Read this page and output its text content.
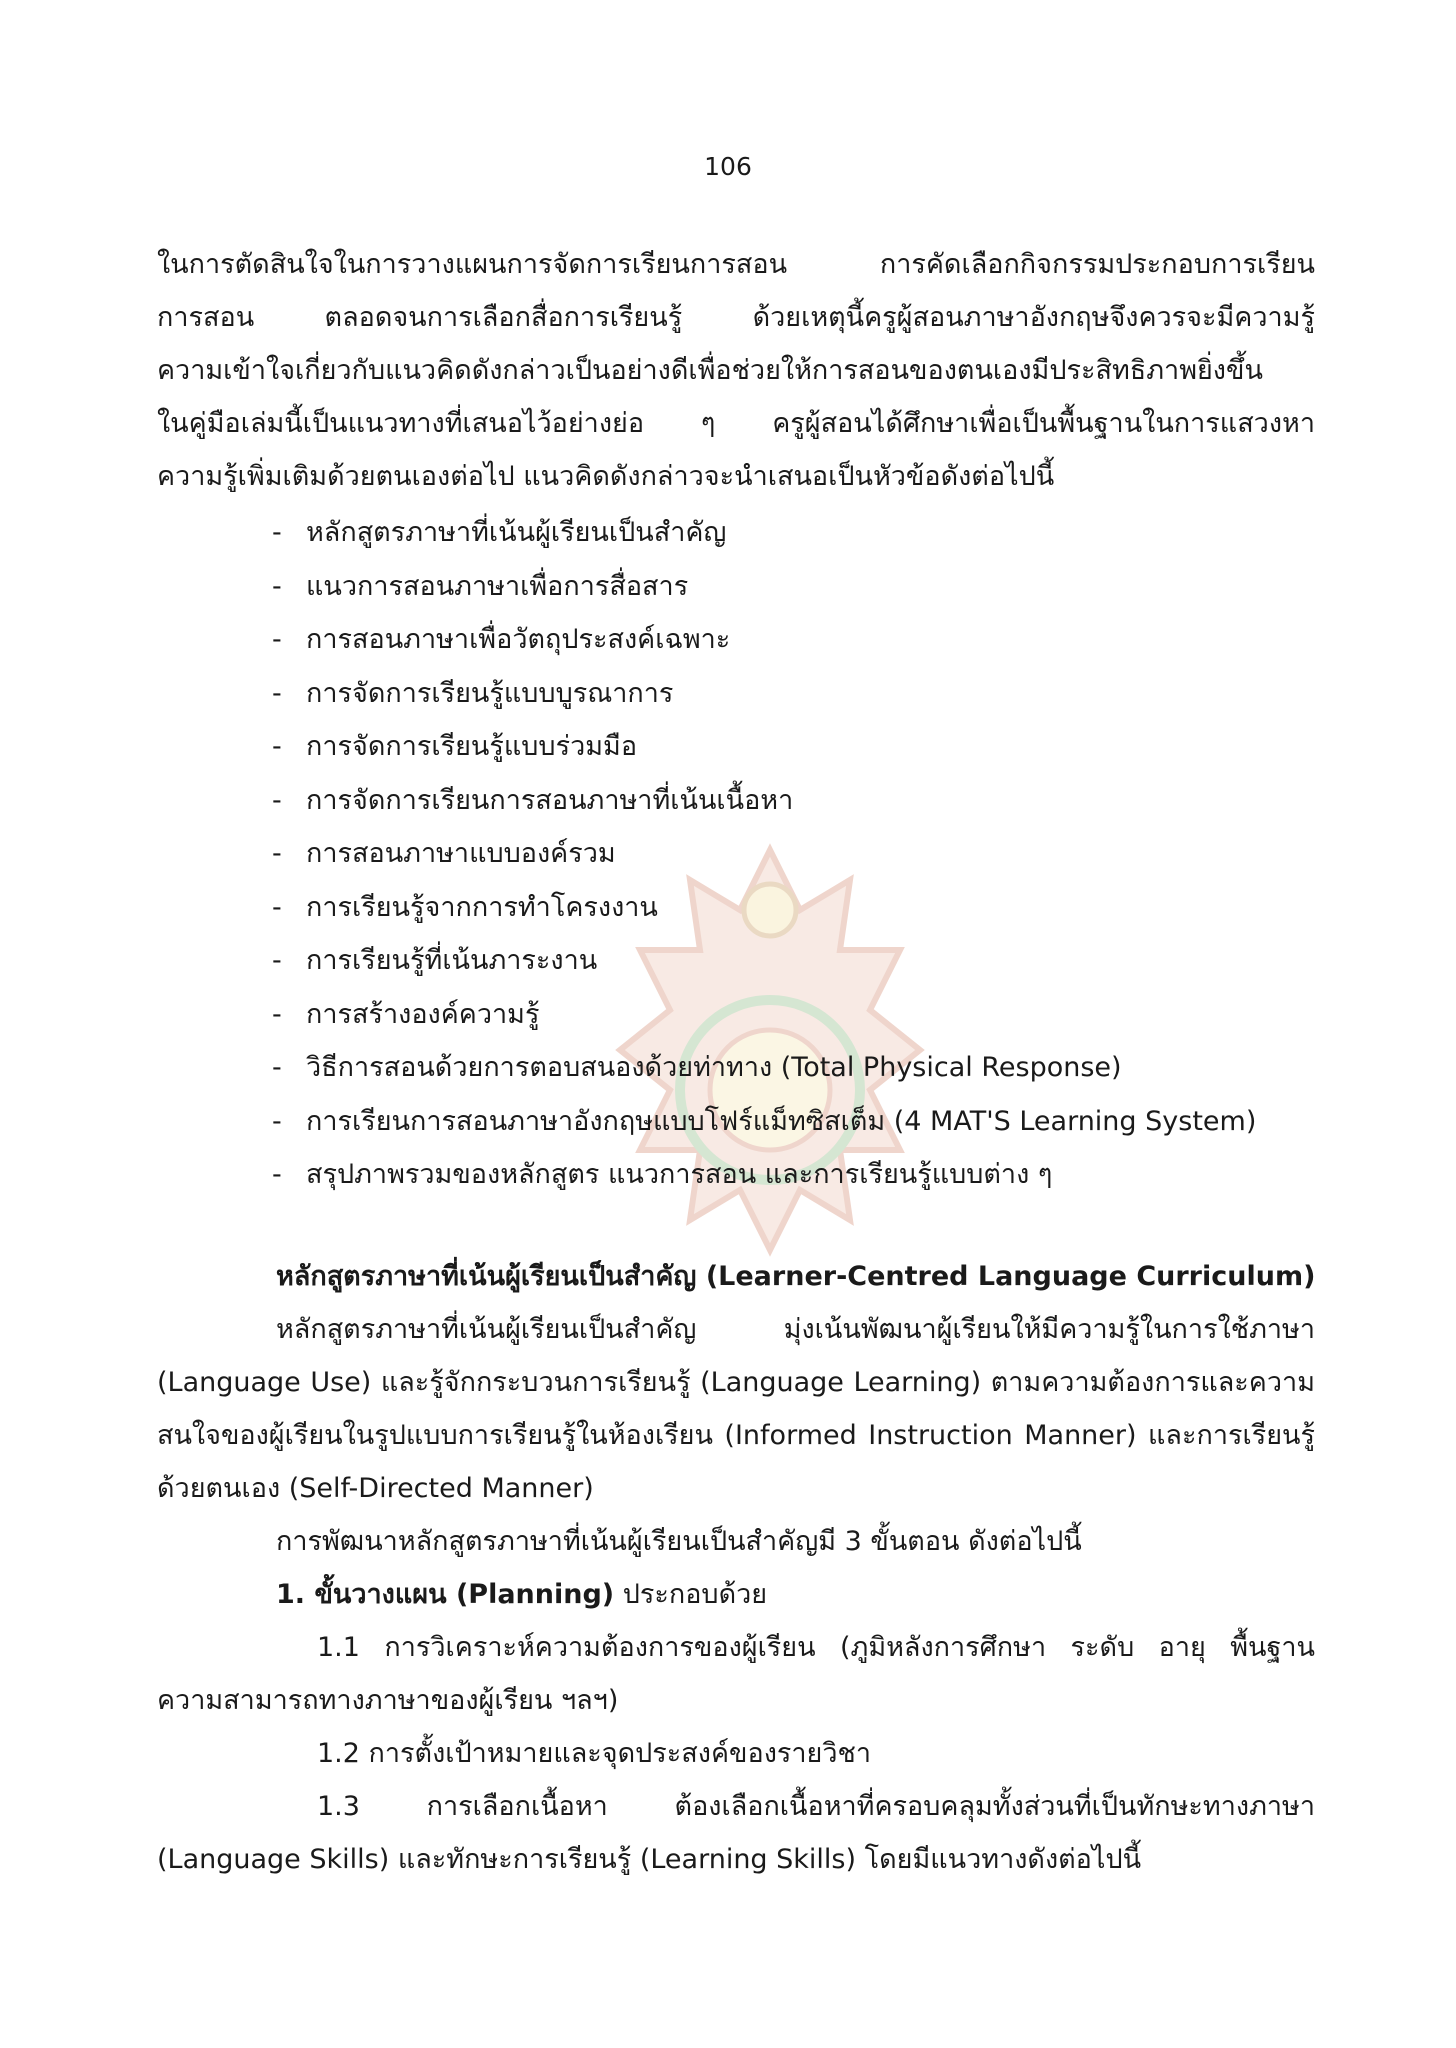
106
ในการตัดสินใจในการวางแผนการจัดการเรียนการสอน การคัดเลือกกิจกรรมประกอบการเรียน
การสอน ตลอดจนการเลือกสื่อการเรียนรู้ ด้วยเหตุนี้ครูผู้สอนภาษาอังกฤษจึงควรจะมีความรู้
ความเข้าใจเกี่ยวกับแนวคิดดังกล่าวเป็นอย่างดีเพื่อช่วยให้การสอนของตนเองมีประสิทธิภาพยิ่งขึ้น
ในคู่มือเล่มนี้เป็นแนวทางที่เสนอไว้อย่างย่อ ๆ ครูผู้สอนได้ศึกษาเพื่อเป็นพื้นฐานในการแสวงหา
ความรู้เพิ่มเติมด้วยตนเองต่อไป แนวคิดดังกล่าวจะนำเสนอเป็นหัวข้อดังต่อไปนี้
- หลักสูตรภาษาที่เน้นผู้เรียนเป็นสำคัญ
- แนวการสอนภาษาเพื่อการสื่อสาร
- การสอนภาษาเพื่อวัตถุประสงค์เฉพาะ
- การจัดการเรียนรู้แบบบูรณาการ
- การจัดการเรียนรู้แบบร่วมมือ
- การจัดการเรียนการสอนภาษาที่เน้นเนื้อหา
- การสอนภาษาแบบองค์รวม
- การเรียนรู้จากการทำโครงงาน
- การเรียนรู้ที่เน้นภาระงาน
- การสร้างองค์ความรู้
- วิธีการสอนด้วยการตอบสนองด้วยท่าทาง (Total Physical Response)
- การเรียนการสอนภาษาอังกฤษแบบโฟร์แม็ทซิสเต็ม (4 MAT'S Learning System)
- สรุปภาพรวมของหลักสูตร แนวการสอน และการเรียนรู้แบบต่าง ๆ
หลักสูตรภาษาที่เน้นผู้เรียนเป็นสำคัญ (Learner-Centred Language Curriculum)
หลักสูตรภาษาที่เน้นผู้เรียนเป็นสำคัญ มุ่งเน้นพัฒนาผู้เรียนให้มีความรู้ในการใช้ภาษา
(Language Use) และรู้จักกระบวนการเรียนรู้ (Language Learning) ตามความต้องการและความ
สนใจของผู้เรียนในรูปแบบการเรียนรู้ในห้องเรียน (Informed Instruction Manner) และการเรียนรู้
ด้วยตนเอง (Self-Directed Manner)
การพัฒนาหลักสูตรภาษาที่เน้นผู้เรียนเป็นสำคัญมี 3 ขั้นตอน ดังต่อไปนี้
1. ขั้นวางแผน (Planning) ประกอบด้วย
1.1 การวิเคราะห์ความต้องการของผู้เรียน (ภูมิหลังการศึกษา ระดับ อายุ พื้นฐาน
ความสามารถทางภาษาของผู้เรียน ฯลฯ)
1.2 การตั้งเป้าหมายและจุดประสงค์ของรายวิชา
1.3 การเลือกเนื้อหา ต้องเลือกเนื้อหาที่ครอบคลุมทั้งส่วนที่เป็นทักษะทางภาษา
(Language Skills) และทักษะการเรียนรู้ (Learning Skills) โดยมีแนวทางดังต่อไปนี้
